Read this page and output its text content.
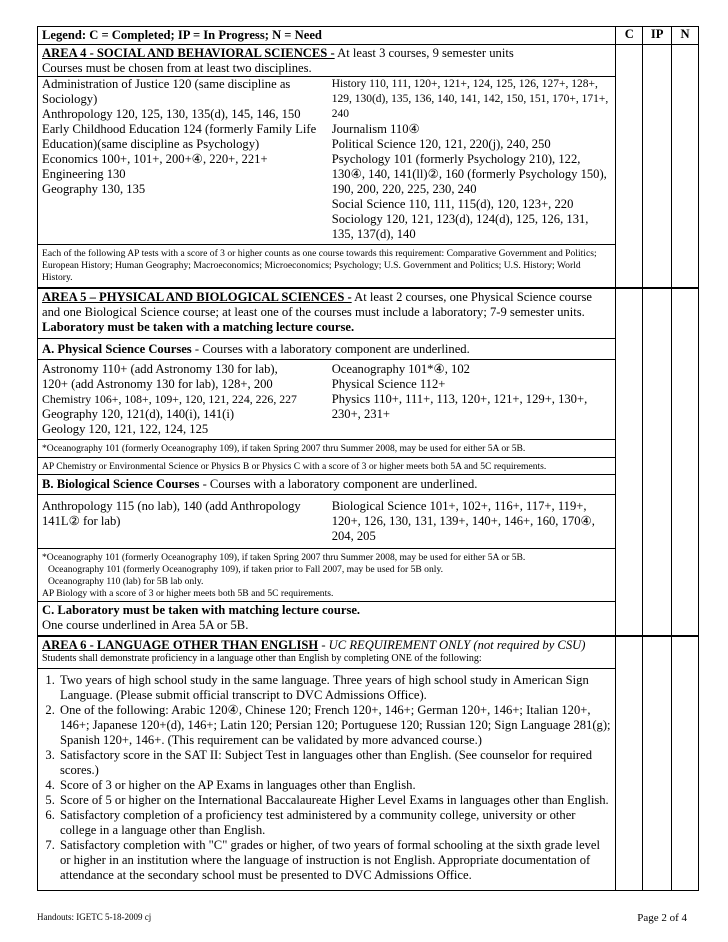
Legend: C = Completed; IP = In Progress; N = Need	C	IP	N
AREA 4 - SOCIAL AND BEHAVIORAL SCIENCES - At least 3 courses, 9 semester units
Courses must be chosen from at least two disciplines.
Administration of Justice 120 (same discipline as Sociology)
Anthropology 120, 125, 130, 135(d), 145, 146, 150
Early Childhood Education 124 (formerly Family Life Education)(same discipline as Psychology)
Economics 100+, 101+, 200+④, 220+, 221+
Engineering 130
Geography 130, 135
History 110, 111, 120+, 121+, 124, 125, 126, 127+, 128+, 129, 130(d), 135, 136, 140, 141, 142, 150, 151, 170+, 171+, 240
Journalism 110④
Political Science 120, 121, 220(j), 240, 250
Psychology 101 (formerly Psychology 210), 122, 130④, 140, 141(ll)②, 160 (formerly Psychology 150), 190, 200, 220, 225, 230, 240
Social Science 110, 111, 115(d), 120, 123+, 220
Sociology 120, 121, 123(d), 124(d), 125, 126, 131, 135, 137(d), 140
Each of the following AP tests with a score of 3 or higher counts as one course towards this requirement: Comparative Government and Politics; European History; Human Geography; Macroeconomics; Microeconomics; Psychology; U.S. Government and Politics; U.S. History; World History.
AREA 5 – PHYSICAL AND BIOLOGICAL SCIENCES - At least 2 courses, one Physical Science course and one Biological Science course; at least one of the courses must include a laboratory; 7-9 semester units. Laboratory must be taken with a matching lecture course.
A. Physical Science Courses - Courses with a laboratory component are underlined.
Astronomy 110+ (add Astronomy 130 for lab),
120+ (add Astronomy 130 for lab), 128+, 200
Chemistry 106+, 108+, 109+, 120, 121, 224, 226, 227
Geography 120, 121(d), 140(i), 141(i)
Geology 120, 121, 122, 124, 125
Oceanography 101*④, 102
Physical Science 112+
Physics 110+, 111+, 113, 120+, 121+, 129+, 130+, 230+, 231+
*Oceanography 101 (formerly Oceanography 109), if taken Spring 2007 thru Summer 2008, may be used for either 5A or 5B.
AP Chemistry or Environmental Science or Physics B or Physics C with a score of 3 or higher meets both 5A and 5C requirements.
B. Biological Science Courses - Courses with a laboratory component are underlined.
Anthropology 115 (no lab), 140 (add Anthropology 141L② for lab)
Biological Science 101+, 102+, 116+, 117+, 119+, 120+, 126, 130, 131, 139+, 140+, 146+, 160, 170④, 204, 205
*Oceanography 101 (formerly Oceanography 109), if taken Spring 2007 thru Summer 2008, may be used for either 5A or 5B.
Oceanography 101 (formerly Oceanography 109), if taken prior to Fall 2007, may be used for 5B only.
Oceanography 110 (lab) for 5B lab only.
AP Biology with a score of 3 or higher meets both 5B and 5C requirements.
C. Laboratory must be taken with matching lecture course.
One course underlined in Area 5A or 5B.
AREA 6 - LANGUAGE OTHER THAN ENGLISH - UC REQUIREMENT ONLY (not required by CSU)
Students shall demonstrate proficiency in a language other than English by completing ONE of the following:
1. Two years of high school study in the same language. Three years of high school study in American Sign Language. (Please submit official transcript to DVC Admissions Office).
2. One of the following: Arabic 120④, Chinese 120; French 120+, 146+; German 120+, 146+; Italian 120+, 146+; Japanese 120+(d), 146+; Latin 120; Persian 120; Portuguese 120; Russian 120; Sign Language 281(g); Spanish 120+, 146+. (This requirement can be validated by more advanced course.)
3. Satisfactory score in the SAT II: Subject Test in languages other than English. (See counselor for required scores.)
4. Score of 3 or higher on the AP Exams in languages other than English.
5. Score of 5 or higher on the International Baccalaureate Higher Level Exams in languages other than English.
6. Satisfactory completion of a proficiency test administered by a community college, university or other college in a language other than English.
7. Satisfactory completion with "C" grades or higher, of two years of formal schooling at the sixth grade level or higher in an institution where the language of instruction is not English. Appropriate documentation of attendance at the secondary school must be presented to DVC Admissions Office.
Handouts: IGETC 5-18-2009 cj	Page 2 of 4
